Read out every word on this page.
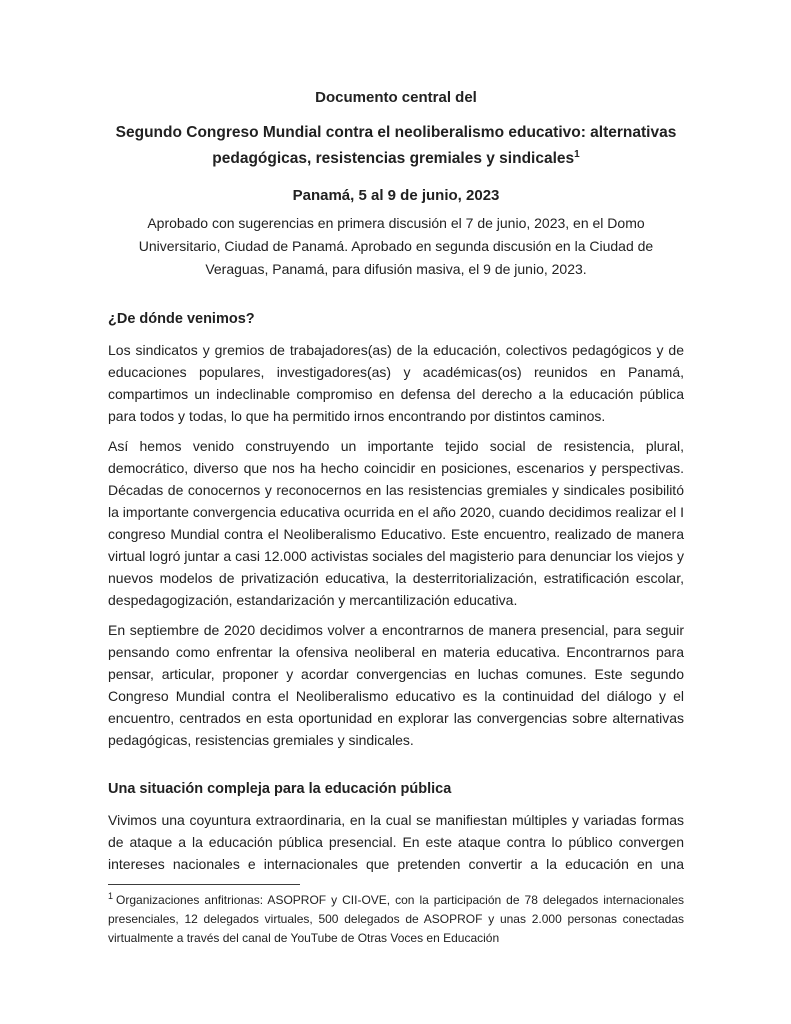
Documento central del

Segundo Congreso Mundial contra el neoliberalismo educativo: alternativas pedagógicas, resistencias gremiales y sindicales$^1$

Panamá, 5 al 9 de junio, 2023

Aprobado con sugerencias en primera discusión el 7 de junio, 2023, en el Domo Universitario, Ciudad de Panamá. Aprobado en segunda discusión en la Ciudad de Veraguas, Panamá, para difusión masiva, el 9 de junio, 2023.

¿De dónde venimos?

Los sindicatos y gremios de trabajadores(as) de la educación, colectivos pedagógicos y de educaciones populares, investigadores(as) y académicas(os) reunidos en Panamá, compartimos un indeclinable compromiso en defensa del derecho a la educación pública para todos y todas, lo que ha permitido irnos encontrando por distintos caminos.

Así hemos venido construyendo un importante tejido social de resistencia, plural, democrático, diverso que nos ha hecho coincidir en posiciones, escenarios y perspectivas. Décadas de conocernos y reconocernos en las resistencias gremiales y sindicales posibilitó la importante convergencia educativa ocurrida en el año 2020, cuando decidimos realizar el I congreso Mundial contra el Neoliberalismo Educativo. Este encuentro, realizado de manera virtual logró juntar a casi 12.000 activistas sociales del magisterio para denunciar los viejos y nuevos modelos de privatización educativa, la desterritorialización, estratificación escolar, despedagogización, estandarización y mercantilización educativa.

En septiembre de 2020 decidimos volver a encontrarnos de manera presencial, para seguir pensando como enfrentar la ofensiva neoliberal en materia educativa. Encontrarnos para pensar, articular, proponer y acordar convergencias en luchas comunes. Este segundo Congreso Mundial contra el Neoliberalismo educativo es la continuidad del diálogo y el encuentro, centrados en esta oportunidad en explorar las convergencias sobre alternativas pedagógicas, resistencias gremiales y sindicales.

Una situación compleja para la educación pública

Vivimos una coyuntura extraordinaria, en la cual se manifiestan múltiples y variadas formas de ataque a la educación pública presencial. En este ataque contra lo público convergen intereses nacionales e internacionales que pretenden convertir a la educación en una

$^1$ Organizaciones anfitrionas: ASOPROF y CII-OVE, con la participación de 78 delegados internacionales presenciales, 12 delegados virtuales, 500 delegados de ASOPROF y unas 2.000 personas conectadas virtualmente a través del canal de YouTube de Otras Voces en Educación
